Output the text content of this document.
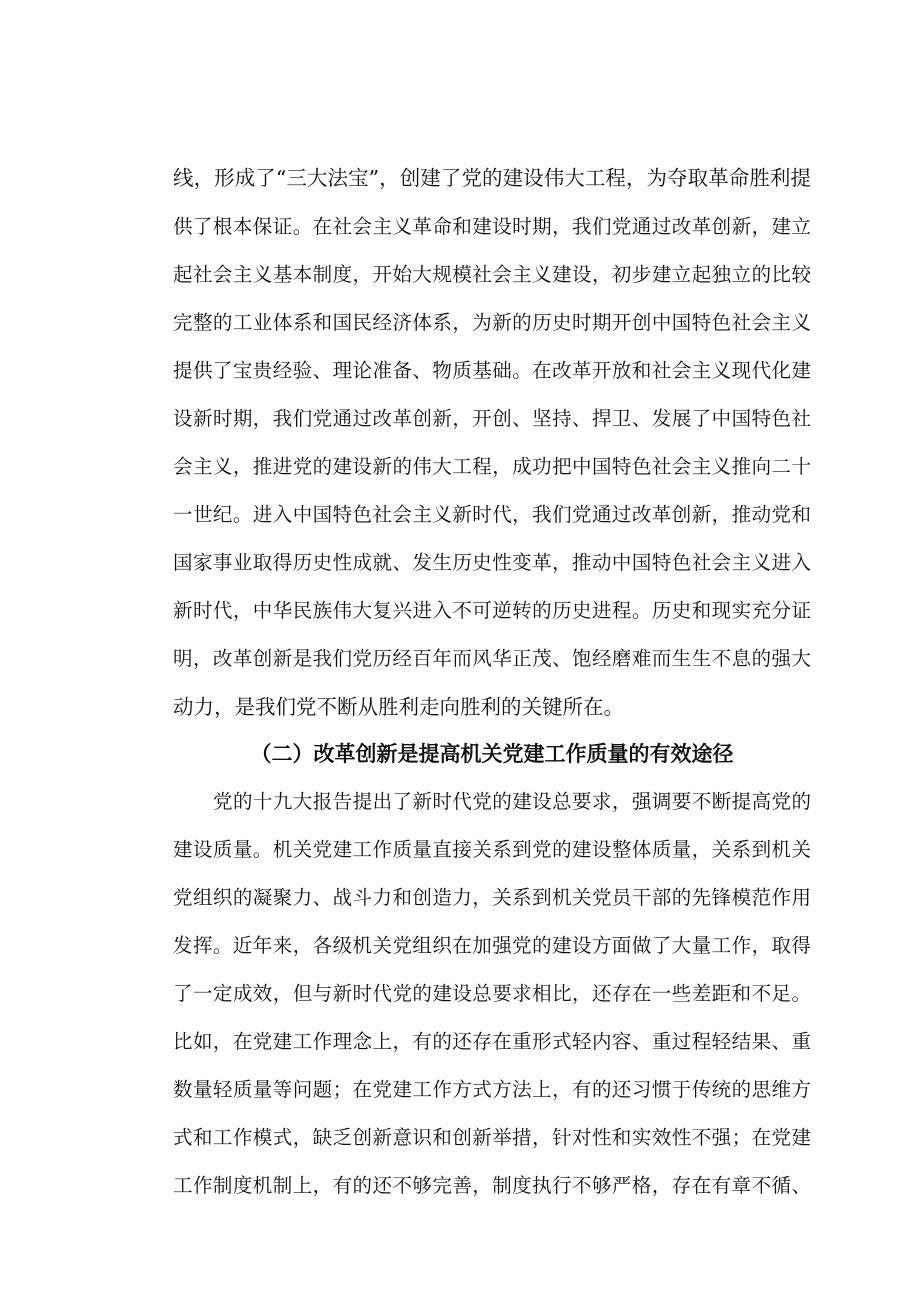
线，形成了“三大法宝”，创建了党的建设伟大工程，为夺取革命胜利提
供了根本保证。在社会主义革命和建设时期，我们党通过改革创新，建立
起社会主义基本制度，开始大规模社会主义建设，初步建立起独立的比较
完整的工业体系和国民经济体系，为新的历史时期开创中国特色社会主义
提供了宝贵经验、理论准备、物质基础。在改革开放和社会主义现代化建
设新时期，我们党通过改革创新，开创、坚持、捍卫、发展了中国特色社
会主义，推进党的建设新的伟大工程，成功把中国特色社会主义推向二十
一世纪。进入中国特色社会主义新时代，我们党通过改革创新，推动党和
国家事业取得历史性成就、发生历史性变革，推动中国特色社会主义进入
新时代，中华民族伟大复兴进入不可逆转的历史进程。历史和现实充分证
明，改革创新是我们党历经百年而风华正茂、饱经磨难而生生不息的强大
动力，是我们党不断从胜利走向胜利的关键所在。
（二）改革创新是提高机关党建工作质量的有效途径
党的十九大报告提出了新时代党的建设总要求，强调要不断提高党的
建设质量。机关党建工作质量直接关系到党的建设整体质量，关系到机关
党组织的凝聚力、战斗力和创造力，关系到机关党员干部的先锋模范作用
发挥。近年来，各级机关党组织在加强党的建设方面做了大量工作，取得
了一定成效，但与新时代党的建设总要求相比，还存在一些差距和不足。
比如，在党建工作理念上，有的还存在重形式轻内容、重过程轻结果、重
数量轻质量等问题；在党建工作方式方法上，有的还习惯于传统的思维方
式和工作模式，缺乏创新意识和创新举措，针对性和实效性不强；在党建
工作制度机制上，有的还不够完善，制度执行不够严格，存在有章不循、
